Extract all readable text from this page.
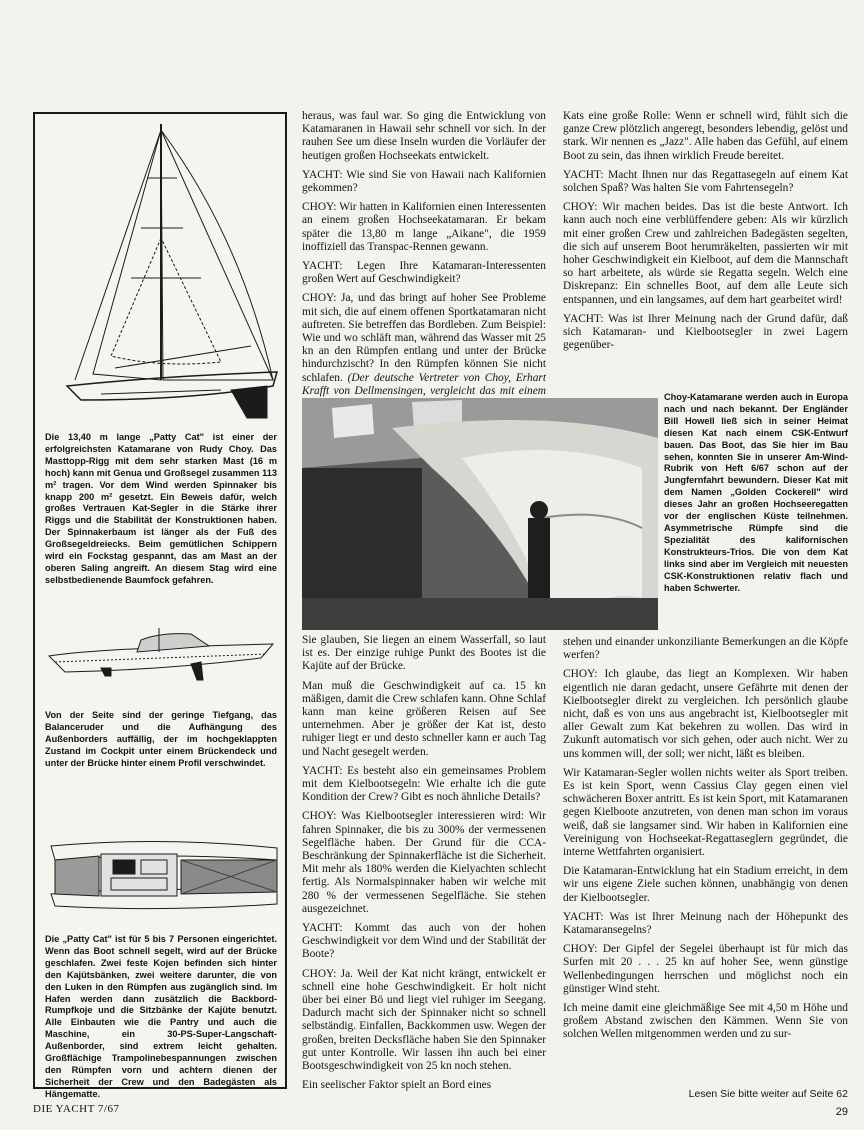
Die 13,40 m lange „Patty Cat" ist einer der erfolgreichsten Katamarane von Rudy Choy. Das Masttopp-Rigg mit dem sehr starken Mast (16 m hoch) kann mit Genua und Großsegel zusammen 113 m² tragen. Vor dem Wind werden Spinnaker bis knapp 200 m² gesetzt. Ein Beweis dafür, welch großes Vertrauen Kat-Segler in die Stärke ihrer Riggs und die Stabilität der Konstruktionen haben. Der Spinnakerbaum ist länger als der Fuß des Großsegeldreiecks. Beim gemütlichen Schippern wird ein Fockstag gespannt, das am Mast an der oberen Saling angreift. An diesem Stag wird eine selbstbedienende Baumfock gefahren.

Von der Seite sind der geringe Tiefgang, das Balanceruder und die Aufhängung des Außenborders auffällig, der im hochgeklappten Zustand im Cockpit unter einem Brückendeck und unter der Brücke hinter einem Profil verschwindet.

Die „Patty Cat" ist für 5 bis 7 Personen eingerichtet. Wenn das Boot schnell segelt, wird auf der Brücke geschlafen. Zwei feste Kojen befinden sich hinter den Kajütsbänken, zwei weitere darunter, die von den Luken in den Rümpfen aus zugänglich sind. Im Hafen werden dann zusätzlich die Backbord-Rumpfkoje und die Sitzbänke der Kajüte benutzt. Alle Einbauten wie die Pantry und auch die Maschine, ein 30-PS-Super-Langschaft-Außenborder, sind extrem leicht gehalten. Großflächige Trampolinebespannungen zwischen den Rümpfen vorn und achtern dienen der Sicherheit der Crew und den Badegästen als Hängematte.

heraus, was faul war. So ging die Entwicklung von Katamaranen in Hawaii sehr schnell vor sich. In der rauhen See um diese Inseln wurden die Vorläufer der heutigen großen Hochseekats entwickelt.

YACHT: Wie sind Sie von Hawaii nach Kalifornien gekommen?

CHOY: Wir hatten in Kalifornien einen Interessenten an einem großen Hochseekatamaran. Er bekam später die 13,80 m lange „Aikane", die 1959 inoffiziell das Transpac-Rennen gewann.

YACHT: Legen Ihre Katamaran-Interessenten großen Wert auf Geschwindigkeit?

CHOY: Ja, und das bringt auf hoher See Probleme mit sich, die auf einem offenen Sportkatamaran nicht auftreten. Sie betreffen das Bordleben. Zum Beispiel: Wie und wo schläft man, während das Wasser mit 25 kn an den Rümpfen entlang und unter der Brücke hindurchzischt? In den Rümpfen können Sie nicht schlafen. (Der deutsche Vertreter von Choy, Erhart Krafft von Dellmensingen, vergleicht das mit einem

Choy-Katamarane werden auch in Europa nach und nach bekannt. Der Engländer Bill Howell ließ sich in seiner Heimat diesen Kat nach einem CSK-Entwurf bauen. Das Boot, das Sie hier im Bau sehen, konnten Sie in unserer Am-Wind-Rubrik von Heft 6/67 schon auf der Jungfernfahrt bewundern. Dieser Kat mit dem Namen „Golden Cockerell" wird dieses Jahr an großen Hochseeregatten vor der englischen Küste teilnehmen. Asymmetrische Rümpfe sind die Spezialität des kalifornischen Konstrukteurs-Trios. Die von dem Kat links sind aber im Vergleich mit neuesten CSK-Konstruktionen relativ flach und haben Schwerter.

Sie glauben, Sie liegen an einem Wasserfall, so laut ist es. Der einzige ruhige Punkt des Bootes ist die Kajüte auf der Brücke.

Man muß die Geschwindigkeit auf ca. 15 kn mäßigen, damit die Crew schlafen kann. Ohne Schlaf kann man keine größeren Reisen auf See unternehmen. Aber je größer der Kat ist, desto ruhiger liegt er und desto schneller kann er auch Tag und Nacht gesegelt werden.

YACHT: Es besteht also ein gemeinsames Problem mit dem Kielbootsegeln: Wie erhalte ich die gute Kondition der Crew? Gibt es noch ähnliche Details?

CHOY: Was Kielbootsegler interessieren wird: Wir fahren Spinnaker, die bis zu 300% der vermessenen Segelfläche haben. Der Grund für die CCA-Beschränkung der Spinnakerfläche ist die Sicherheit. Mit mehr als 180% werden die Kielyachten schlecht fertig. Als Normalspinnaker haben wir welche mit 280 % der vermessenen Segelfläche. Sie stehen ausgezeichnet.

YACHT: Kommt das auch von der hohen Geschwindigkeit vor dem Wind und der Stabilität der Boote?

CHOY: Ja. Weil der Kat nicht krängt, entwickelt er schnell eine hohe Geschwindigkeit. Er holt nicht über bei einer Bö und liegt viel ruhiger im Seegang. Dadurch macht sich der Spinnaker nicht so schnell selbständig. Einfallen, Backkommen usw. Wegen der großen, breiten Decksfläche haben Sie den Spinnaker gut unter Kontrolle. Wir lassen ihn auch bei einer Bootsgeschwindigkeit von 25 kn noch stehen.

Ein seelischer Faktor spielt an Bord eines

Kats eine große Rolle: Wenn er schnell wird, fühlt sich die ganze Crew plötzlich angeregt, besonders lebendig, gelöst und stark. Wir nennen es „Jazz". Alle haben das Gefühl, auf einem Boot zu sein, das ihnen wirklich Freude bereitet.

YACHT: Macht Ihnen nur das Regattasegeln auf einem Kat solchen Spaß? Was halten Sie vom Fahrtensegeln?

CHOY: Wir machen beides. Das ist die beste Antwort. Ich kann auch noch eine verblüffendere geben: Als wir kürzlich mit einer großen Crew und zahlreichen Badegästen segelten, die sich auf unserem Boot herumräkelten, passierten wir mit hoher Geschwindigkeit ein Kielboot, auf dem die Mannschaft so hart arbeitete, als würde sie Regatta segeln. Welch eine Diskrepanz: Ein schnelles Boot, auf dem alle Leute sich entspannen, und ein langsames, auf dem hart gearbeitet wird!

YACHT: Was ist Ihrer Meinung nach der Grund dafür, daß sich Katamaran- und Kielbootsegler in zwei Lagern gegenüber-

stehen und einander unkonziliante Bemerkungen an die Köpfe werfen?

CHOY: Ich glaube, das liegt an Komplexen. Wir haben eigentlich nie daran gedacht, unsere Gefährte mit denen der Kielbootsegler direkt zu vergleichen. Ich persönlich glaube nicht, daß es von uns aus angebracht ist, Kielbootsegler mit aller Gewalt zum Kat bekehren zu wollen. Das wird in Zukunft automatisch vor sich gehen, oder auch nicht. Wer zu uns kommen will, der soll; wer nicht, läßt es bleiben.

Wir Katamaran-Segler wollen nichts weiter als Sport treiben. Es ist kein Sport, wenn Cassius Clay gegen einen viel schwächeren Boxer antritt. Es ist kein Sport, mit Katamaranen gegen Kielboote anzutreten, von denen man schon im voraus weiß, daß sie langsamer sind. Wir haben in Kalifornien eine Vereinigung von Hochseekat-Regattaseglern gegründet, die interne Wettfahrten organisiert.

Die Katamaran-Entwicklung hat ein Stadium erreicht, in dem wir uns eigene Ziele suchen können, unabhängig von denen der Kielbootsegler.

YACHT: Was ist Ihrer Meinung nach der Höhepunkt des Katamaransegelns?

CHOY: Der Gipfel der Segelei überhaupt ist für mich das Surfen mit 20 . . . 25 kn auf hoher See, wenn günstige Wellenbedingungen herrschen und möglichst noch ein günstiger Wind steht.

Ich meine damit eine gleichmäßige See mit 4,50 m Höhe und großem Abstand zwischen den Kämmen. Wenn Sie von solchen Wellen mitgenommen werden und zu sur-

DIE YACHT 7/67
Lesen Sie bitte weiter auf Seite 62
29
